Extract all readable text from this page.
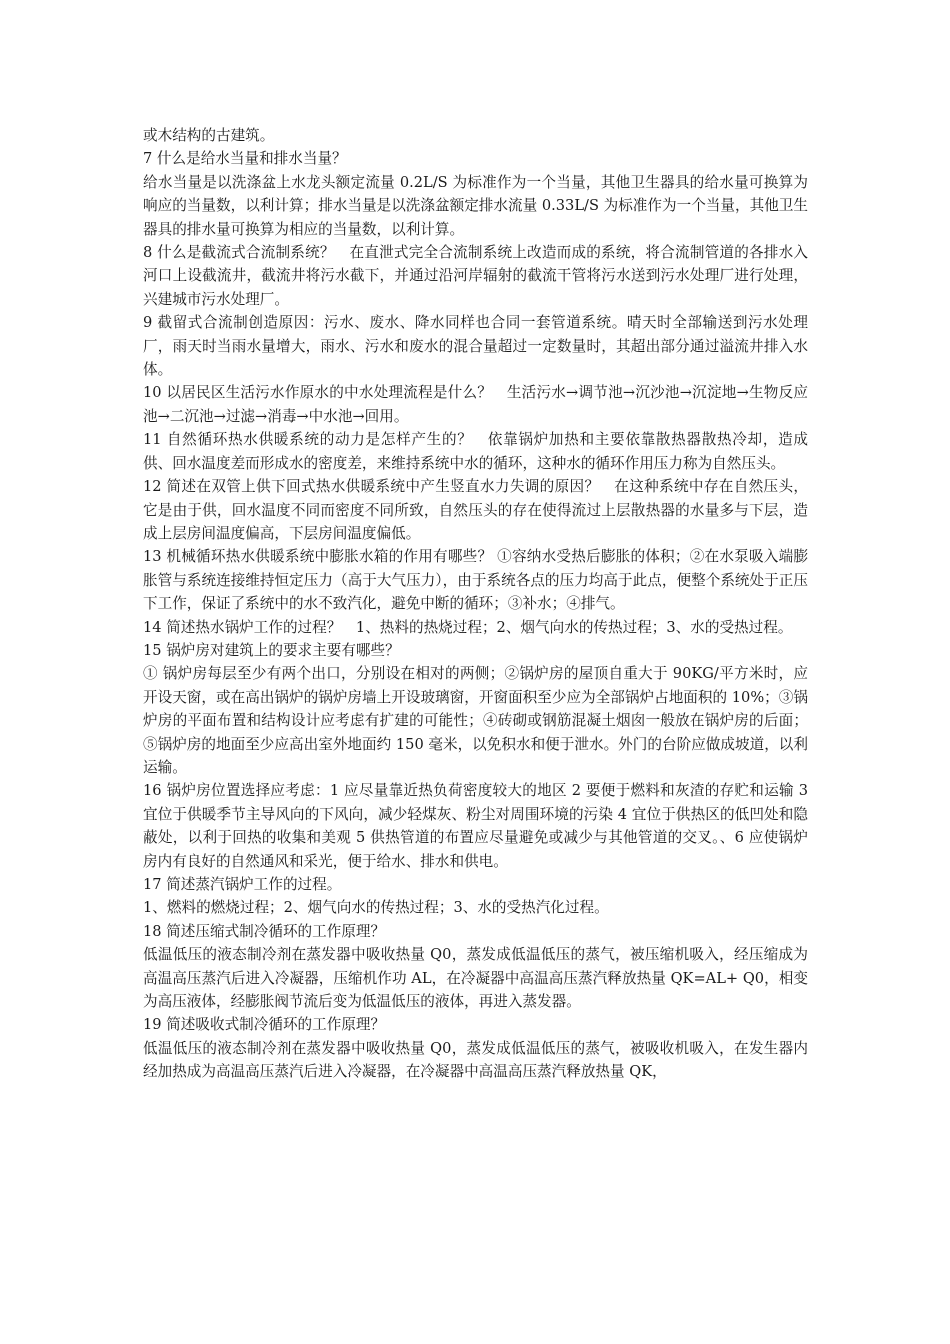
或木结构的古建筑。

7 什么是给水当量和排水当量？

给水当量是以洗涤盆上水龙头额定流量 0.2L/S 为标准作为一个当量，其他卫生器具的给水量可换算为响应的当量数，以利计算；排水当量是以洗涤盆额定排水流量 0.33L/S 为标准作为一个当量，其他卫生器具的排水量可换算为相应的当量数，以利计算。

8 什么是截流式合流制系统？　在直泄式完全合流制系统上改造而成的系统，将合流制管道的各排水入河口上设截流井，截流井将污水截下，并通过沿河岸辐射的截流干管将污水送到污水处理厂进行处理，兴建城市污水处理厂。

9 截留式合流制创造原因：污水、废水、降水同样也合同一套管道系统。晴天时全部输送到污水处理厂，雨天时当雨水量增大，雨水、污水和废水的混合量超过一定数量时，其超出部分通过溢流井排入水体。

10 以居民区生活污水作原水的中水处理流程是什么？　生活污水→调节池→沉沙池→沉淀地→生物反应池→二沉池→过滤→消毒→中水池→回用。

11 自然循环热水供暖系统的动力是怎样产生的？　依靠锅炉加热和主要依靠散热器散热冷却，造成供、回水温度差而形成水的密度差，来维持系统中水的循环，这种水的循环作用压力称为自然压头。

12 简述在双管上供下回式热水供暖系统中产生竖直水力失调的原因？　在这种系统中存在自然压头，它是由于供，回水温度不同而密度不同所致，自然压头的存在使得流过上层散热器的水量多与下层，造成上层房间温度偏高，下层房间温度偏低。

13 机械循环热水供暖系统中膨胀水箱的作用有哪些？ ①容纳水受热后膨胀的体积；②在水泵吸入端膨胀管与系统连接维持恒定压力（高于大气压力），由于系统各点的压力均高于此点，便整个系统处于正压下工作，保证了系统中的水不致汽化，避免中断的循环；③补水；④排气。

14 简述热水锅炉工作的过程？　1、热料的热烧过程；2、烟气向水的传热过程；3、水的受热过程。

15 锅炉房对建筑上的要求主要有哪些？

① 锅炉房每层至少有两个出口，分别设在相对的两侧；②锅炉房的屋顶自重大于 90KG/平方米时，应开设天窗，或在高出锅炉的锅炉房墙上开设玻璃窗，开窗面积至少应为全部锅炉占地面积的 10%；③锅炉房的平面布置和结构设计应考虑有扩建的可能性；④砖砌或钢筋混凝土烟囱一般放在锅炉房的后面；⑤锅炉房的地面至少应高出室外地面约 150 毫米，以免积水和便于泄水。外门的台阶应做成坡道，以利运输。

16 锅炉房位置选择应考虑：1 应尽量靠近热负荷密度较大的地区 2 要便于燃料和灰渣的存贮和运输 3 宜位于供暖季节主导风向的下风向，减少轻煤灰、粉尘对周围环境的污染 4 宜位于供热区的低凹处和隐蔽处，以利于回热的收集和美观 5 供热管道的布置应尽量避免或减少与其他管道的交叉。、6 应使锅炉房内有良好的自然通风和采光，便于给水、排水和供电。

17 简述蒸汽锅炉工作的过程。

1、燃料的燃烧过程；2、烟气向水的传热过程；3、水的受热汽化过程。

18 简述压缩式制冷循环的工作原理？

低温低压的液态制冷剂在蒸发器中吸收热量 Q0，蒸发成低温低压的蒸气，被压缩机吸入，经压缩成为高温高压蒸汽后进入冷凝器，压缩机作功 AL，在冷凝器中高温高压蒸汽释放热量 QK=AL+ Q0，相变为高压液体，经膨胀阀节流后变为低温低压的液体，再进入蒸发器。

19 简述吸收式制冷循环的工作原理？

低温低压的液态制冷剂在蒸发器中吸收热量 Q0，蒸发成低温低压的蒸气，被吸收机吸入，在发生器内经加热成为高温高压蒸汽后进入冷凝器，在冷凝器中高温高压蒸汽释放热量 QK，
